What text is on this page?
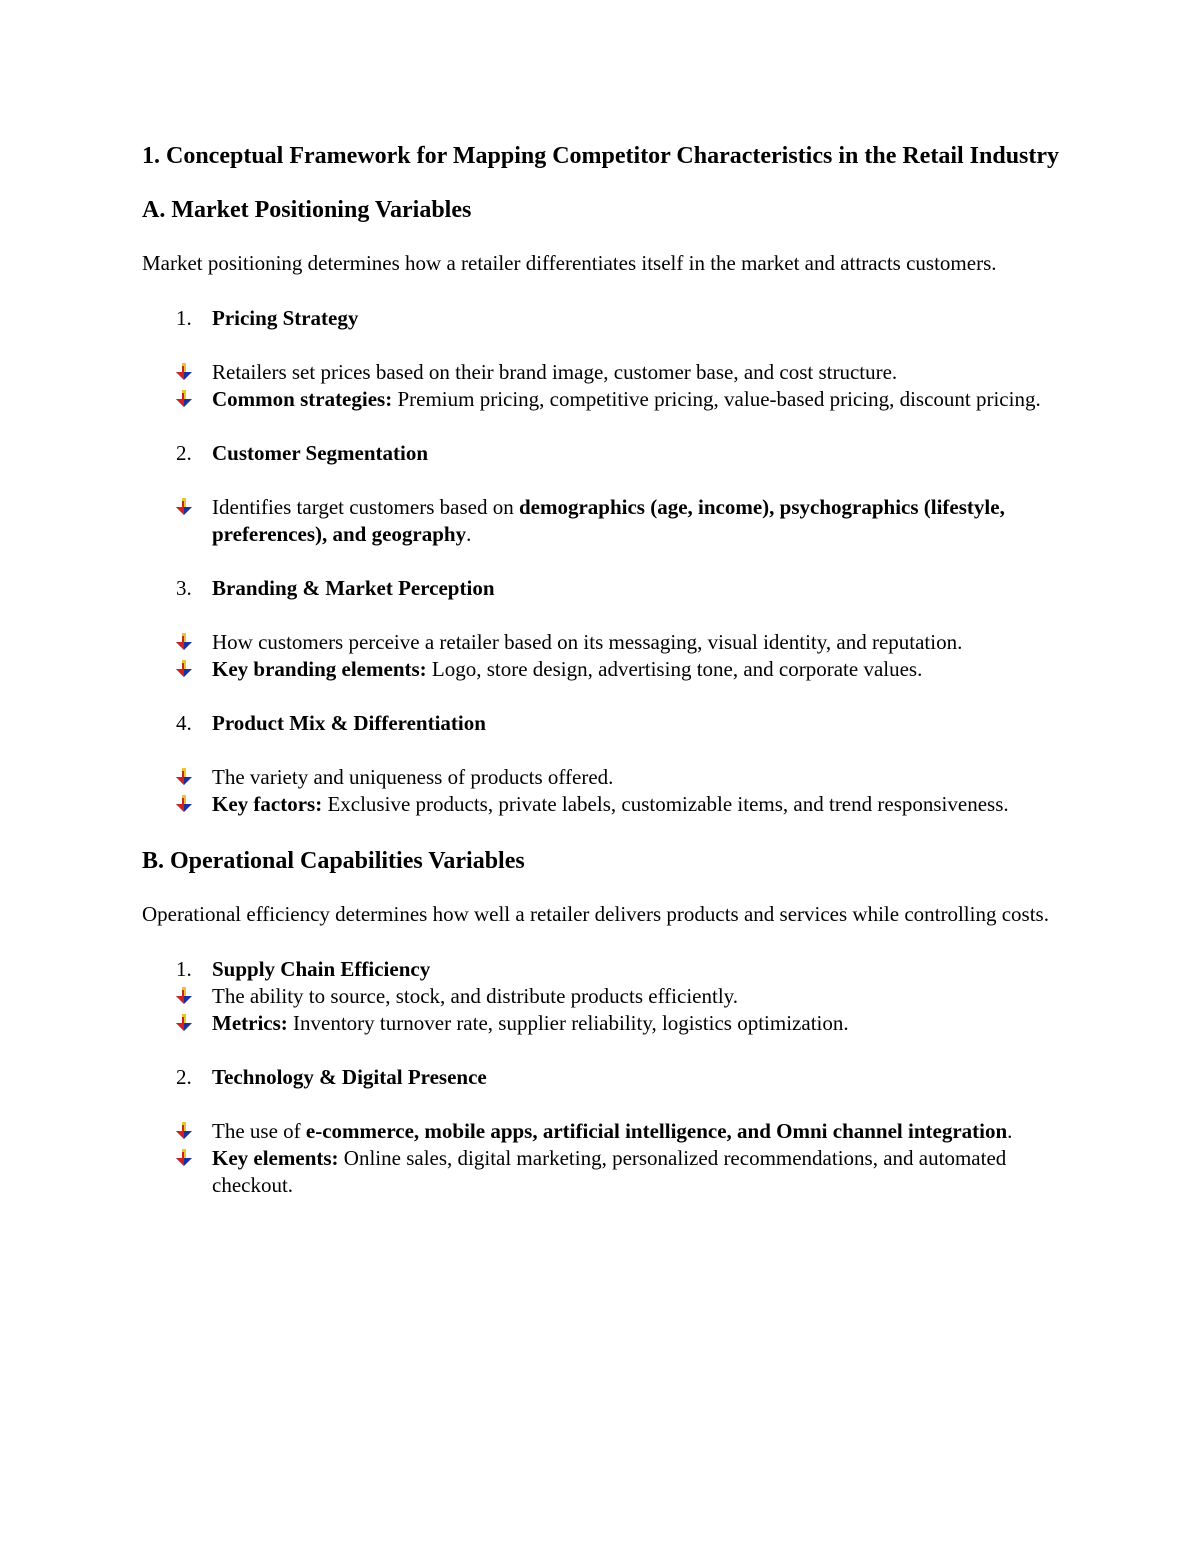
1. Conceptual Framework for Mapping Competitor Characteristics in the Retail Industry
A. Market Positioning Variables
Market positioning determines how a retailer differentiates itself in the market and attracts customers.
1. Pricing Strategy
Retailers set prices based on their brand image, customer base, and cost structure.
Common strategies: Premium pricing, competitive pricing, value-based pricing, discount pricing.
2. Customer Segmentation
Identifies target customers based on demographics (age, income), psychographics (lifestyle, preferences), and geography.
3. Branding & Market Perception
How customers perceive a retailer based on its messaging, visual identity, and reputation.
Key branding elements: Logo, store design, advertising tone, and corporate values.
4. Product Mix & Differentiation
The variety and uniqueness of products offered.
Key factors: Exclusive products, private labels, customizable items, and trend responsiveness.
B. Operational Capabilities Variables
Operational efficiency determines how well a retailer delivers products and services while controlling costs.
1. Supply Chain Efficiency
The ability to source, stock, and distribute products efficiently.
Metrics: Inventory turnover rate, supplier reliability, logistics optimization.
2. Technology & Digital Presence
The use of e-commerce, mobile apps, artificial intelligence, and Omni channel integration.
Key elements: Online sales, digital marketing, personalized recommendations, and automated checkout.
